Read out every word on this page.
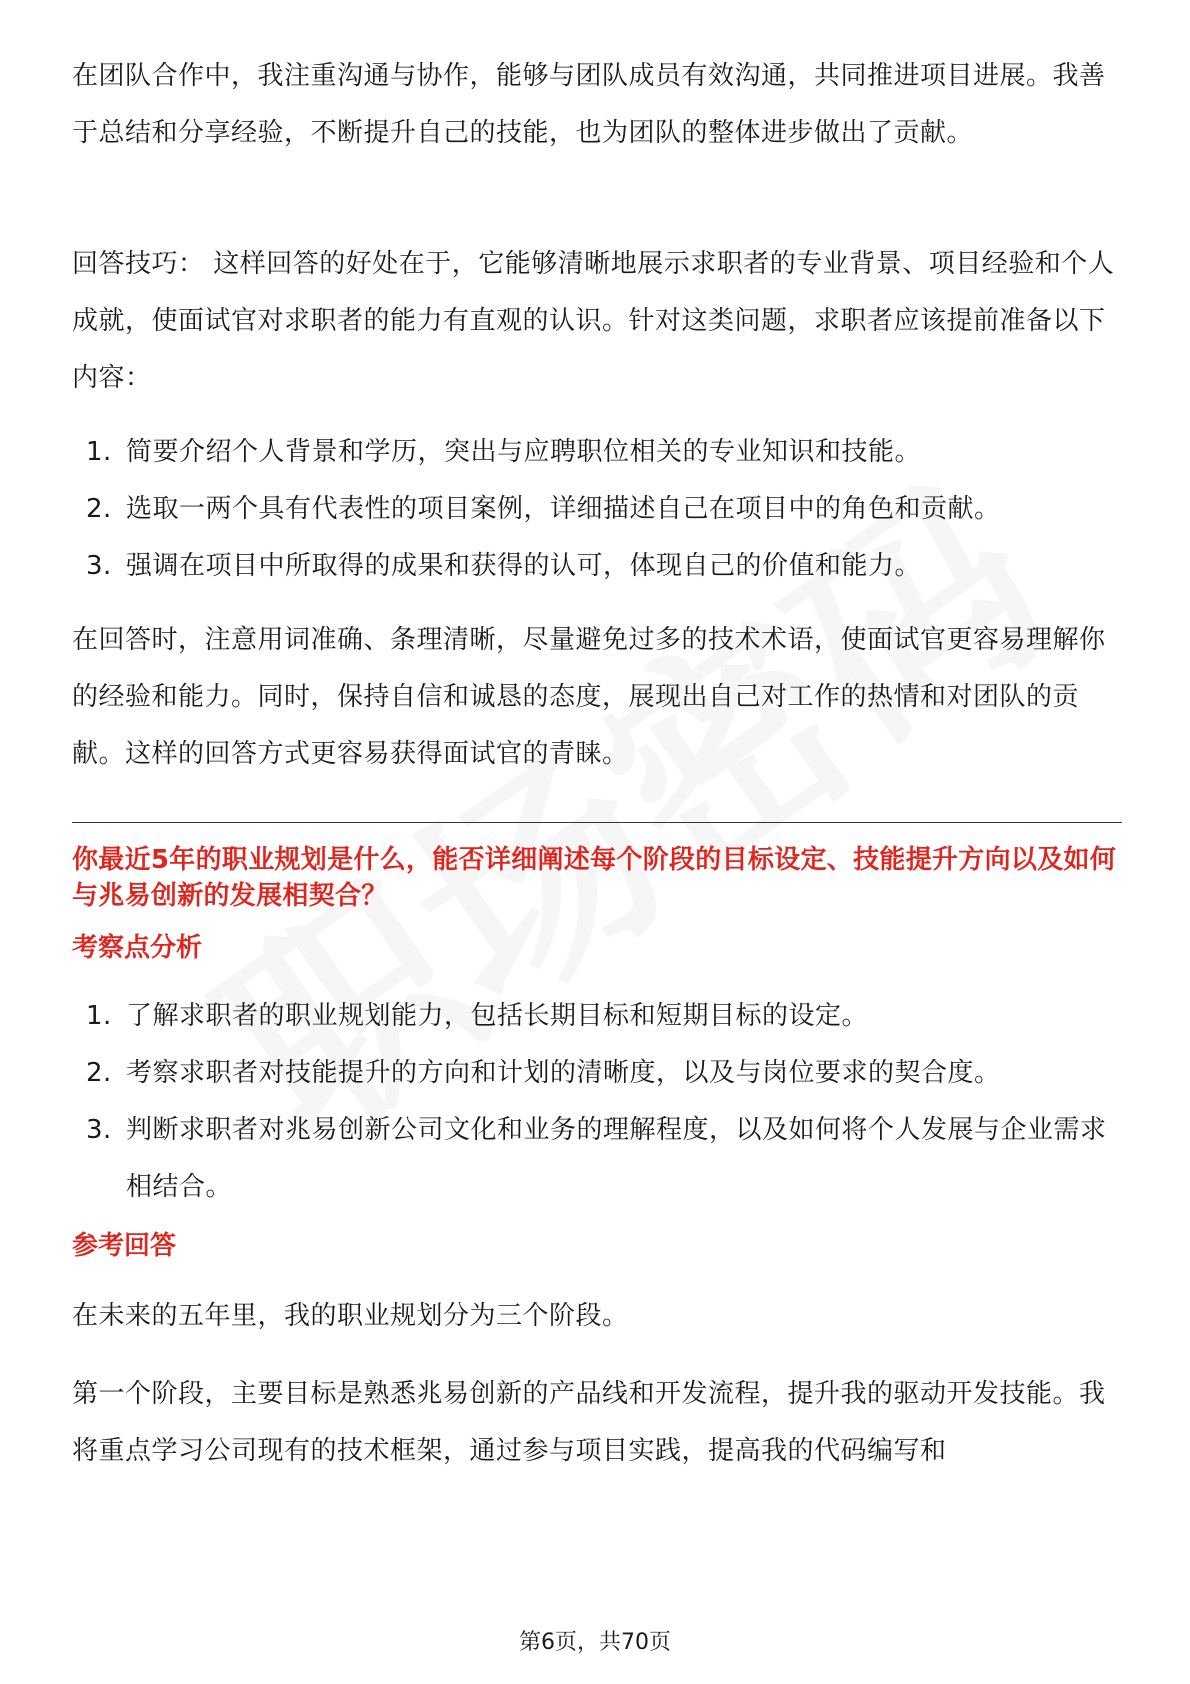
在团队合作中，我注重沟通与协作，能够与团队成员有效沟通，共同推进项目进展。我善于总结和分享经验，不断提升自己的技能，也为团队的整体进步做出了贡献。

回答技巧： 这样回答的好处在于，它能够清晰地展示求职者的专业背景、项目经验和个人成就，使面试官对求职者的能力有直观的认识。针对这类问题，求职者应该提前准备以下内容：

1. 简要介绍个人背景和学历，突出与应聘职位相关的专业知识和技能。
2. 选取一两个具有代表性的项目案例，详细描述自己在项目中的角色和贡献。
3. 强调在项目中所取得的成果和获得的认可，体现自己的价值和能力。

在回答时，注意用词准确、条理清晰，尽量避免过多的技术术语，使面试官更容易理解你的经验和能力。同时，保持自信和诚恳的态度，展现出自己对工作的热情和对团队的贡献。这样的回答方式更容易获得面试官的青睐。

你最近5年的职业规划是什么，能否详细阐述每个阶段的目标设定、技能提升方向以及如何与兆易创新的发展相契合？

考察点分析

1. 了解求职者的职业规划能力，包括长期目标和短期目标的设定。
2. 考察求职者对技能提升的方向和计划的清晰度，以及与岗位要求的契合度。
3. 判断求职者对兆易创新公司文化和业务的理解程度，以及如何将个人发展与企业需求相结合。

参考回答

在未来的五年里，我的职业规划分为三个阶段。

第一个阶段，主要目标是熟悉兆易创新的产品线和开发流程，提升我的驱动开发技能。我将重点学习公司现有的技术框架，通过参与项目实践，提高我的代码编写和

第6页，共70页
